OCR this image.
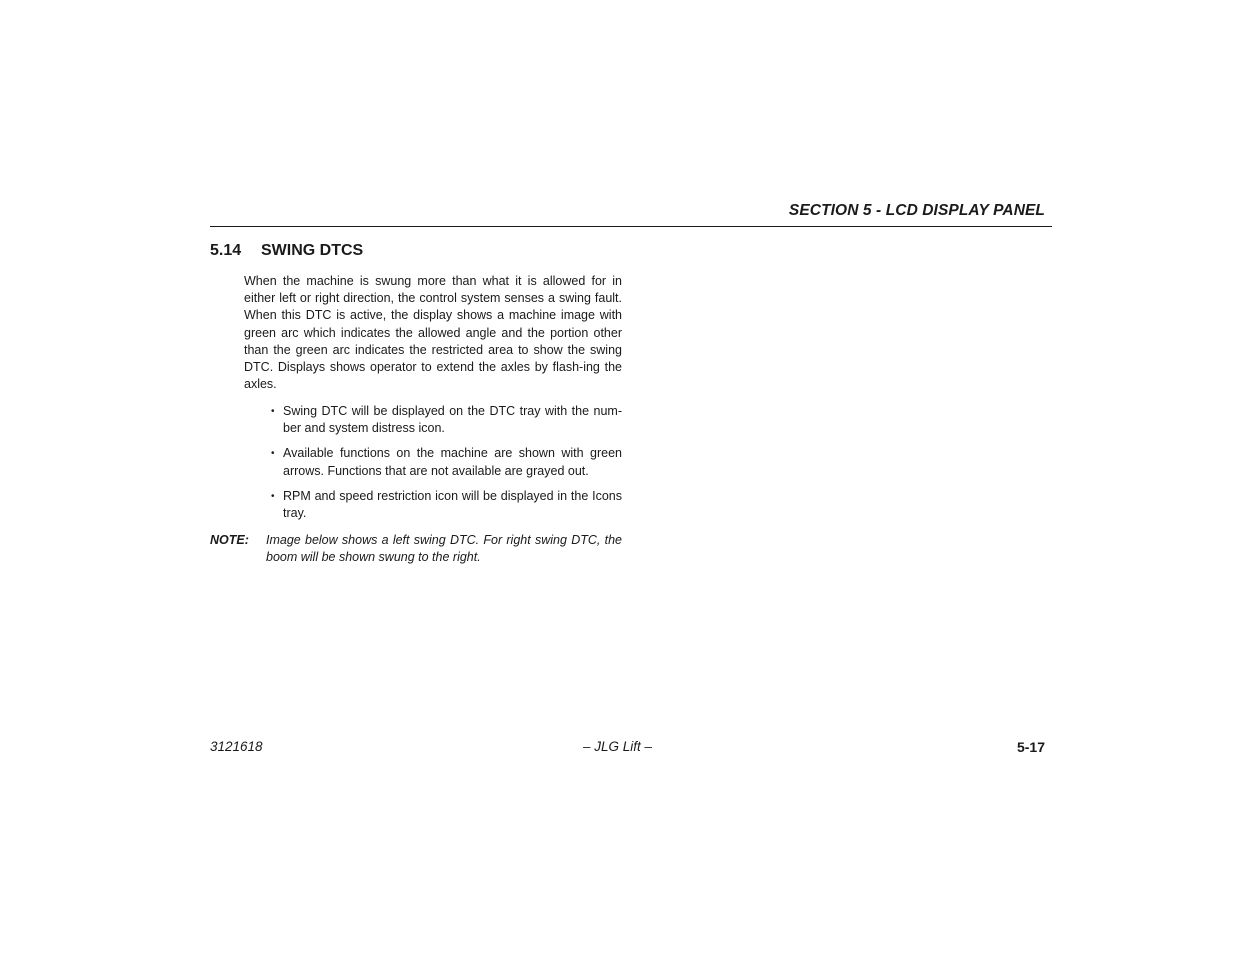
SECTION 5 - LCD DISPLAY PANEL
5.14 SWING DTCS
When the machine is swung more than what it is allowed for in either left or right direction, the control system senses a swing fault. When this DTC is active, the display shows a machine image with green arc which indicates the allowed angle and the portion other than the green arc indicates the restricted area to show the swing DTC. Displays shows operator to extend the axles by flash-ing the axles.
• Swing DTC will be displayed on the DTC tray with the num-ber and system distress icon.
• Available functions on the machine are shown with green arrows. Functions that are not available are grayed out.
• RPM and speed restriction icon will be displayed in the Icons tray.
NOTE: Image below shows a left swing DTC. For right swing DTC, the boom will be shown swung to the right.
3121618	– JLG Lift –	5-17
